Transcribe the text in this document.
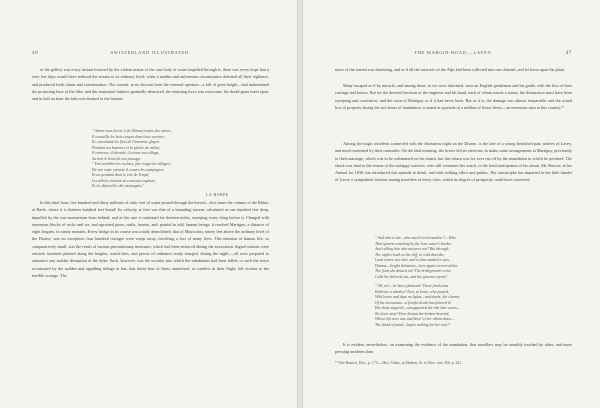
46	SWITZERLAND ILLUSTRATED.

of the gallery was every instant lowered by the violent action of the vast body of water impelled through it, there was every hope that a very few days would have reduced the stream to its ordinary level; when a sudden and unforeseen circumstance defeated all their vigilance, and produced fresh alarm and consternation. The current, in its descent from the external aperture—a fall of great height—had undermined the projecting base of the dike; and this important buttress gradually destroyed, the retaining force was overcome, the dread-gates burst open, and in half an hour the lake was drained to the bottom.

" Aimez-vous forcer à (le Hénau) toutes des ruines,
Il tressaille les bois conçus dans leurs racines;
Et, entraînant les flots de l'immense glaçon
Pendant ses hauteurs et la plaine du vallon,
Il renverse, il ébranle, il creuse son sillage,
Au loin le bruit de son passage:
" Fait trembler les rochers, fait rougir les villages;
De son vaste carnèse il couvre les campagnes,
Et au pendant deux le cris de Tempé,
Les débris croisent au coursant englouti,
Et les dépouilles des montagnes."
LA HARPE.

In this brief hour, five hundred and thirty millions of cubic feet of water poured through the breach—five times the volume of the Rhine, at Basle, where it is thirteen hundred feet broad! Its velocity at first was that of a bounding torrent, calculated at one hundred feet deep, impelled by the vast momentum from behind; and at this rate it continued for thirteen miles, sweeping every thing before it. Charged with enormous blocks of rocks and ice, and uprooted pines, cattle, houses, and, painful to add, human beings, it reached Martigny, a distance of eight leagues, in ninety minutes. Every bridge in its course was totally demolished; that of Mauvoisin, ninety feet above the ordinary level of the Dranse, was no exception; four hundred cottages were swept away, involving a loss of many lives. This mention of human life, so comparatively small, was the result of various precautionary measures, which had been enforced during the excavation. Signal stations were erected; sentinels planted along the heights; watch-fires, and pieces of ordnance ready charged, during the night;—all were prepared to announce any sudden disruption of the dyke. Such, however, was the security into which the inhabitants had been lulled, or such the terror occasioned by the sudden and appalling tidings at last, that thirty-four of them, unadvised, or careless in their flight, fell victims to the terrible scourge. The

THE MARGIN-ROAD.—LAVEY.	47

noise of the torrent was deafening, and as if all the cataracts of the Alps had been collected into one channel, and let loose upon the plain.

Many escaped as if by miracle; and among these, as we were informed, were an English gentleman and his guide, with the loss of their carriage and horses. But for the devoted heroism of the engineer and his band, each of whom merits a statue, the destruction must have been sweeping and conclusive, and the town of Martigny as if it had never been. But as it is, the damage was almost irreparable; and the actual loss of property during the two hours of inundation, is stated at upwards of a million of Swiss livres—an enormous sum in this country.*

Among the tragic incidents connected with the disastrous night on the Dranse, is the fate of a young betrothed pair, natives of Lavey, and much esteemed by their comrades. On the fatal morning, the lovers left its environs, to make some arrangements at Martigny, previously to their marriage, which was to be solemnized on his return; but this return was for ever cut off by the inundation in which he perished. The shock was fatal to the reason of the unhappy survivor, who still continues her watch, in the fond anticipation of his return. Mr. Roscoe, in his Annual for 1830, has introduced this episode in detail, and with striking effect and pathos. The catastrophe has imparted to the little hamlet of Lavey a sympathetic interest among travellers of every class, which no degree of prosperity could have conferred.

" And who is she—that much-loved maiden ?—Who,
That sparest watching by the lone water's border,
And calling him who answers not? But through
The night-cloud on the cliff, in wild disorder,
Loud voices rise that, and in that maiden's eyes,
Dismay—bright delusions—love again recovered her
The form she doated on? The bridegroom's voice
Calls his beloved one, and the grooms rejoice!
" Oh, no!—he but a phantom! Those fond arms
Embrace a shadow! Now, at leave, who passed,
Wild hours and days no lights—and doubt, the charms
Of his inconstant—a fearful death has fettered it!
Her deep anguish!—unsupported the tide that waves—
No lover near! How distant the broken-hearted,
Whose life now was and hers! to her whom draw—
The death of mind—hopes nothing for her now!"

It is evident, nevertheless, on examining the evidence of the inundation, that travellers may be sensibly touched by other, and more pressing incidents than

* Vide Bourrit, Dict., p. 173.—Hist. Valais, as Drehen, St. et Alex. vers 456, p. 221.
